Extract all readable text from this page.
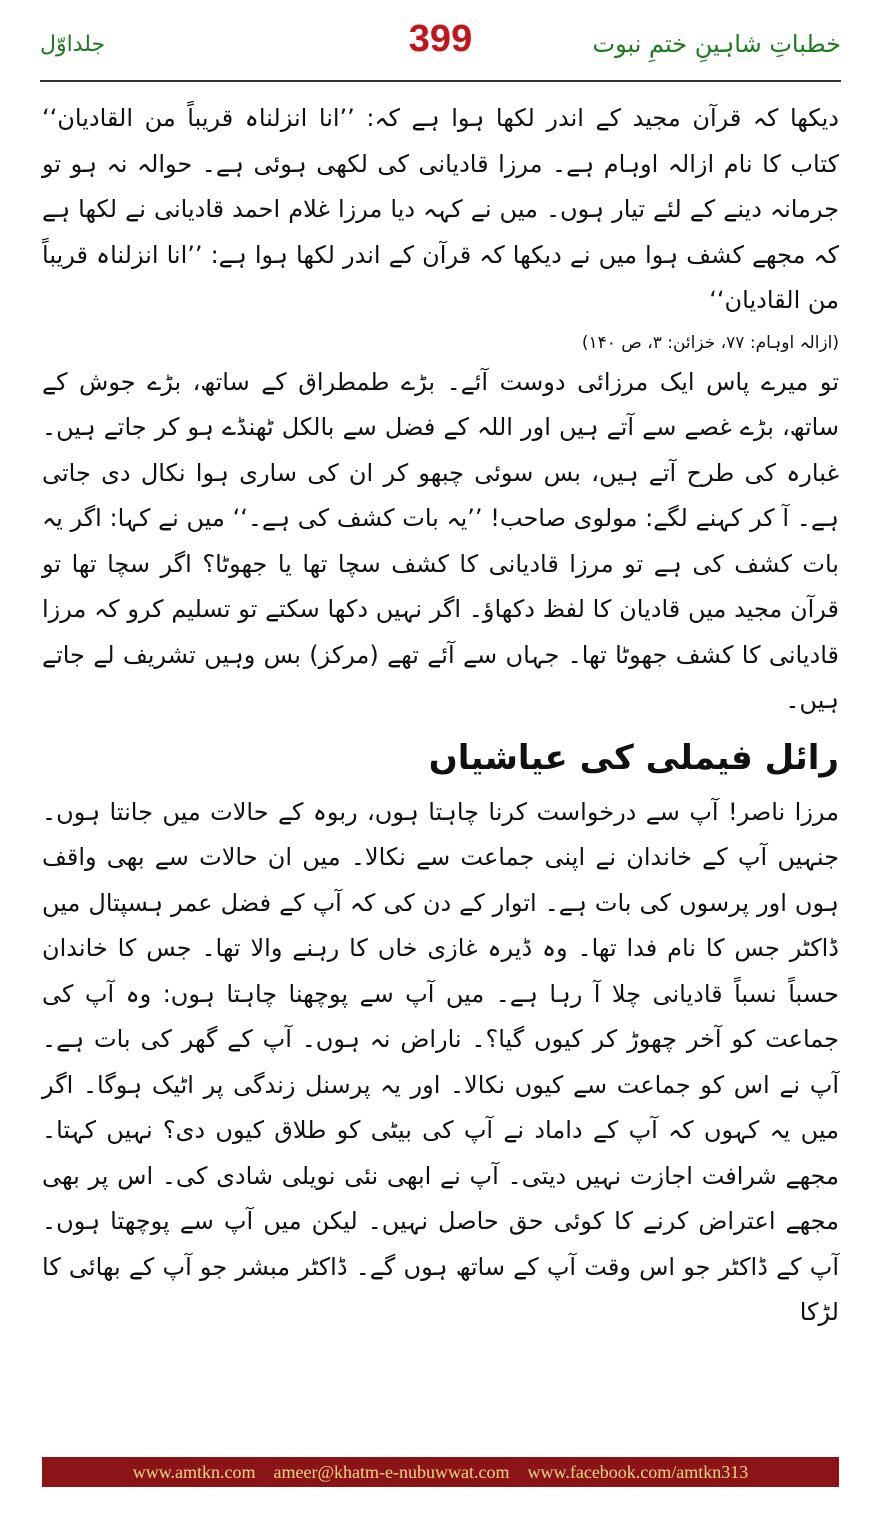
خطباتِ شاہینِ ختمِ نبوت
399
جلداوّل

دیکھا کہ قرآن مجید کے اندر لکھا ہوا ہے کہ: ’’انا انزلناہ قریباً من القادیان‘‘ کتاب کا نام ازالہ اوہام ہے۔ مرزا قادیانی کی لکھی ہوئی ہے۔ حوالہ نہ ہو تو جرمانہ دینے کے لئے تیار ہوں۔ میں نے کہہ دیا مرزا غلام احمد قادیانی نے لکھا ہے کہ مجھے کشف ہوا میں نے دیکھا کہ قرآن کے اندر لکھا ہوا ہے: ’’انا انزلناہ قریباً من القادیان‘‘

(ازالہ اوہام: ۷۷، خزائن: ۳، ص ۱۴۰)

تو میرے پاس ایک مرزائی دوست آئے۔ بڑے طمطراق کے ساتھ، بڑے جوش کے ساتھ، بڑے غصے سے آتے ہیں اور اللہ کے فضل سے بالکل ٹھنڈے ہو کر جاتے ہیں۔ غبارہ کی طرح آتے ہیں، بس سوئی چبھو کر ان کی ساری ہوا نکال دی جاتی ہے۔ آ کر کہنے لگے: مولوی صاحب! ’’یہ بات کشف کی ہے۔‘‘ میں نے کہا: اگر یہ بات کشف کی ہے تو مرزا قادیانی کا کشف سچا تھا یا جھوٹا؟ اگر سچا تھا تو قرآن مجید میں قادیان کا لفظ دکھاؤ۔ اگر نہیں دکھا سکتے تو تسلیم کرو کہ مرزا قادیانی کا کشف جھوٹا تھا۔ جہاں سے آئے تھے (مرکز) بس وہیں تشریف لے جاتے ہیں۔

رائل فیملی کی عیاشیاں

مرزا ناصر! آپ سے درخواست کرنا چاہتا ہوں، ربوہ کے حالات میں جانتا ہوں۔ جنہیں آپ کے خاندان نے اپنی جماعت سے نکالا۔ میں ان حالات سے بھی واقف ہوں اور پرسوں کی بات ہے۔ اتوار کے دن کی کہ آپ کے فضل عمر ہسپتال میں ڈاکٹر جس کا نام فدا تھا۔ وہ ڈیرہ غازی خاں کا رہنے والا تھا۔ جس کا خاندان حسباً نسباً قادیانی چلا آ رہا ہے۔ میں آپ سے پوچھنا چاہتا ہوں: وہ آپ کی جماعت کو آخر چھوڑ کر کیوں گیا؟۔ ناراض نہ ہوں۔ آپ کے گھر کی بات ہے۔ آپ نے اس کو جماعت سے کیوں نکالا۔ اور یہ پرسنل زندگی پر اٹیک ہوگا۔ اگر میں یہ کہوں کہ آپ کے داماد نے آپ کی بیٹی کو طلاق کیوں دی؟ نہیں کہتا۔ مجھے شرافت اجازت نہیں دیتی۔ آپ نے ابھی نئی نویلی شادی کی۔ اس پر بھی مجھے اعتراض کرنے کا کوئی حق حاصل نہیں۔ لیکن میں آپ سے پوچھتا ہوں۔ آپ کے ڈاکٹر جو اس وقت آپ کے ساتھ ہوں گے۔ ڈاکٹر مبشر جو آپ کے بھائی کا لڑکا

www.amtkn.com ameer@khatm-e-nubuwwat.com www.facebook.com/amtkn313
